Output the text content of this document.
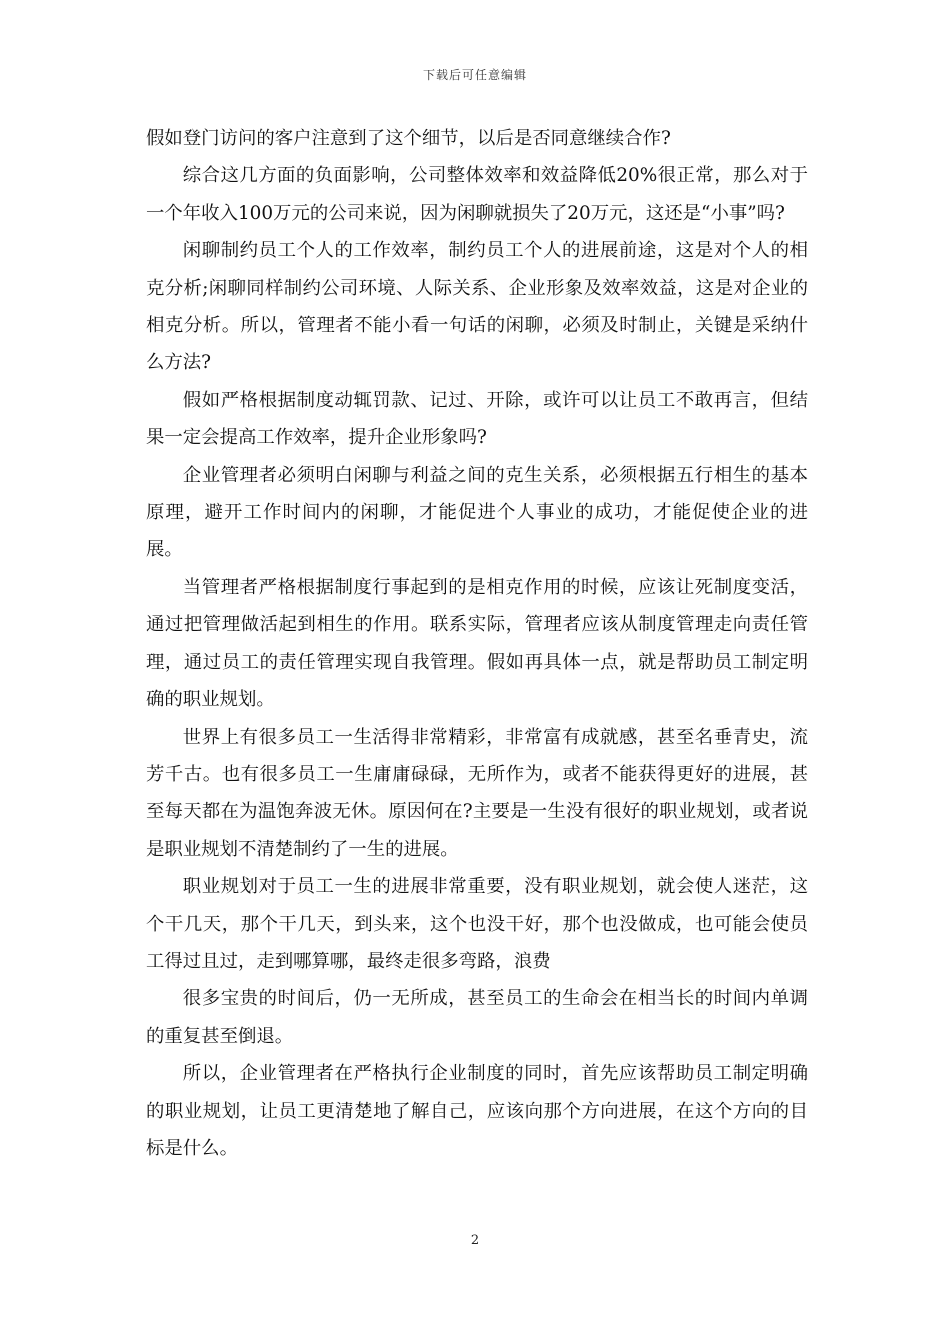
下载后可任意编辑

假如登门访问的客户注意到了这个细节，以后是否同意继续合作?

综合这几方面的负面影响，公司整体效率和效益降低20%很正常，那么对于一个年收入100万元的公司来说，因为闲聊就损失了20万元，这还是“小事”吗?

闲聊制约员工个人的工作效率，制约员工个人的进展前途，这是对个人的相克分析;闲聊同样制约公司环境、人际关系、企业形象及效率效益，这是对企业的相克分析。所以，管理者不能小看一句话的闲聊，必须及时制止，关键是采纳什么方法?

假如严格根据制度动辄罚款、记过、开除，或许可以让员工不敢再言，但结果一定会提高工作效率，提升企业形象吗?

企业管理者必须明白闲聊与利益之间的克生关系，必须根据五行相生的基本原理，避开工作时间内的闲聊，才能促进个人事业的成功，才能促使企业的进展。

当管理者严格根据制度行事起到的是相克作用的时候，应该让死制度变活，通过把管理做活起到相生的作用。联系实际，管理者应该从制度管理走向责任管理，通过员工的责任管理实现自我管理。假如再具体一点，就是帮助员工制定明确的职业规划。

世界上有很多员工一生活得非常精彩，非常富有成就感，甚至名垂青史，流芳千古。也有很多员工一生庸庸碌碌，无所作为，或者不能获得更好的进展，甚至每天都在为温饱奔波无休。原因何在?主要是一生没有很好的职业规划，或者说是职业规划不清楚制约了一生的进展。

职业规划对于员工一生的进展非常重要，没有职业规划，就会使人迷茫，这个干几天，那个干几天，到头来，这个也没干好，那个也没做成，也可能会使员工得过且过，走到哪算哪，最终走很多弯路，浪费

很多宝贵的时间后，仍一无所成，甚至员工的生命会在相当长的时间内单调的重复甚至倒退。

所以，企业管理者在严格执行企业制度的同时，首先应该帮助员工制定明确的职业规划，让员工更清楚地了解自己，应该向那个方向进展，在这个方向的目标是什么。

2
